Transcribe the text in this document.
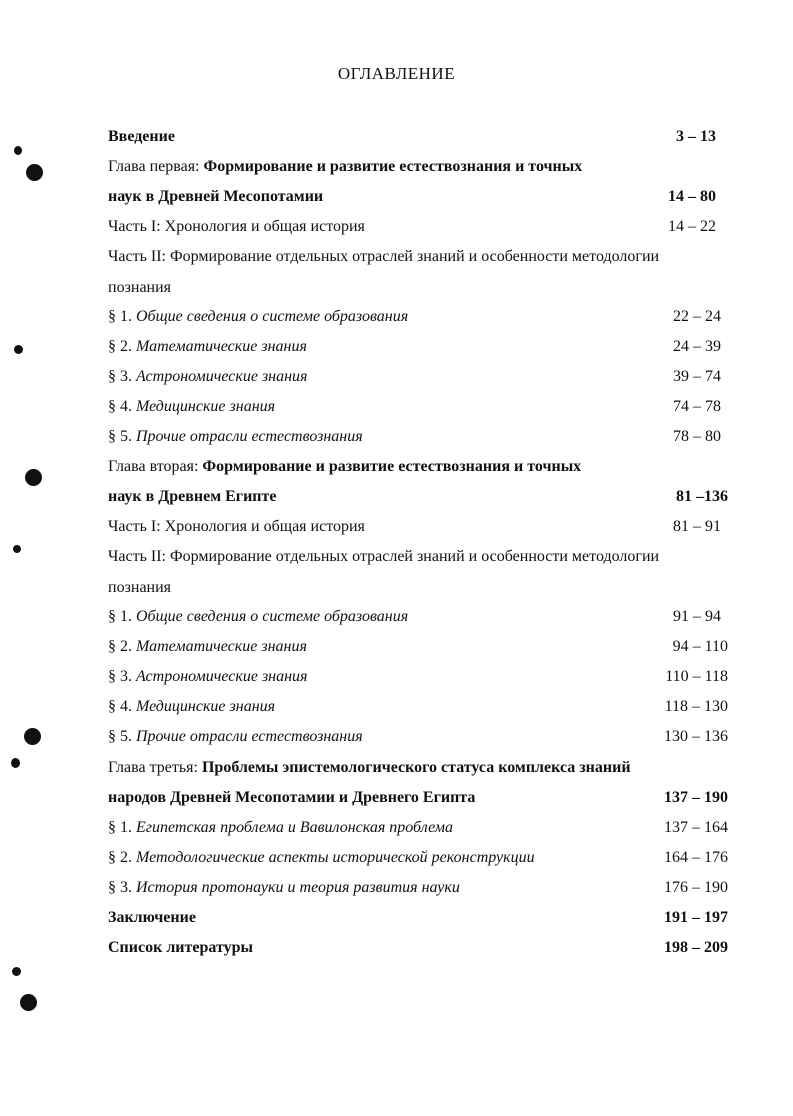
ОГЛАВЛЕНИЕ
Введение	3 – 13
Глава первая: Формирование и развитие естествознания и точных
наук в Древней Месопотамии	14 – 80
Часть I: Хронология и общая история	14 – 22
Часть II: Формирование отдельных отраслей знаний и особенности методологии
познания
§ 1. Общие сведения о системе образования	22 – 24
§ 2. Математические знания	24 – 39
§ 3. Астрономические знания	39 – 74
§ 4. Медицинские знания	74 – 78
§ 5. Прочие отрасли естествознания	78 – 80
Глава вторая: Формирование и развитие естествознания и точных
наук в Древнем Египте	81 –136
Часть I: Хронология и общая история	81 – 91
Часть II: Формирование отдельных отраслей знаний и особенности методологии
познания
§ 1. Общие сведения о системе образования	91 – 94
§ 2. Математические знания	94 – 110
§ 3. Астрономические знания	110 – 118
§ 4. Медицинские знания	118 – 130
§ 5. Прочие отрасли естествознания	130 – 136
Глава третья: Проблемы эпистемологического статуса комплекса знаний
народов Древней Месопотамии и Древнего Египта	137 – 190
§ 1. Египетская проблема и Вавилонская проблема	137 – 164
§ 2. Методологические аспекты исторической реконструкции	164 – 176
§ 3. История протонауки и теория развития науки	176 – 190
Заключение	191 – 197
Список литературы	198 – 209
